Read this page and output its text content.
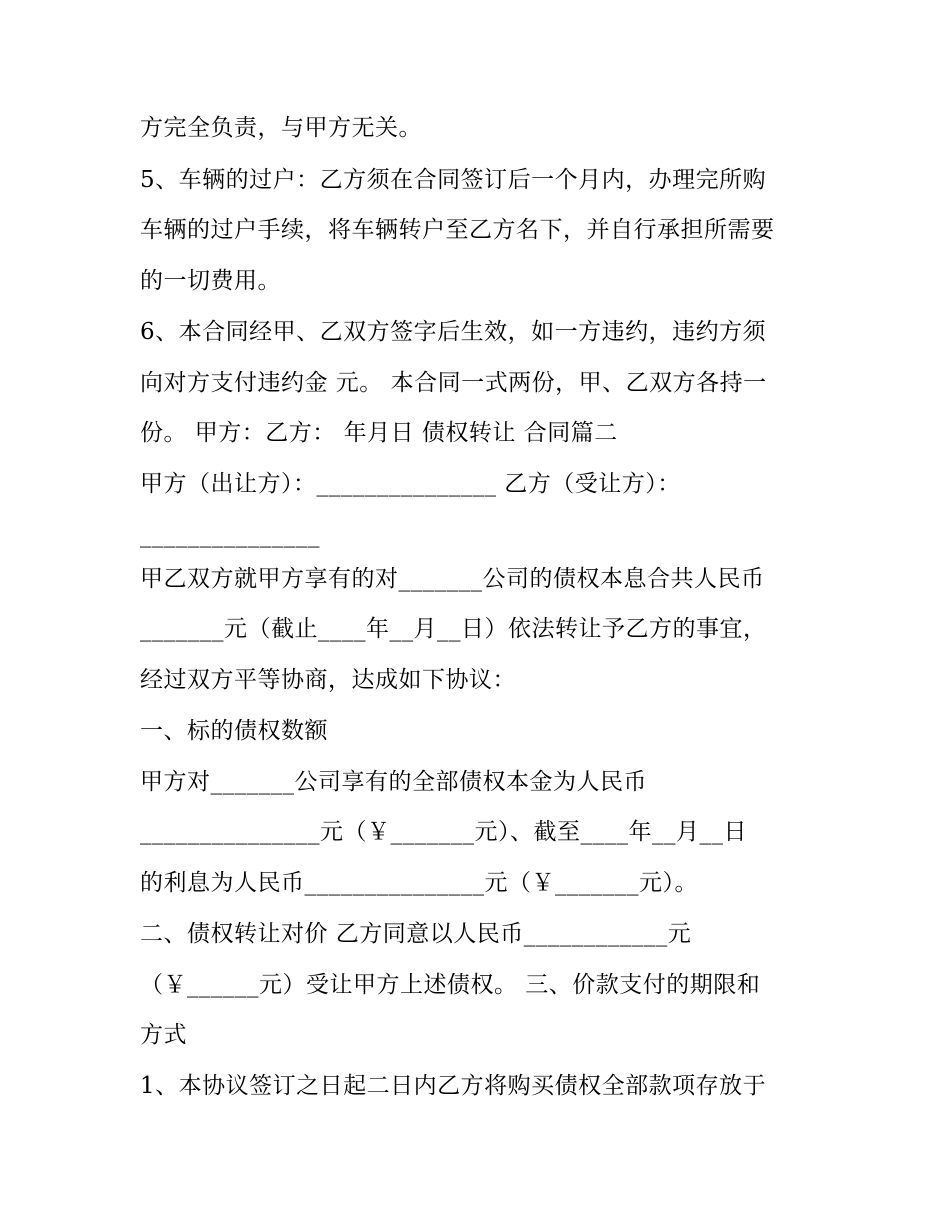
方完全负责，与甲方无关。
5、车辆的过户：乙方须在合同签订后一个月内，办理完所购
车辆的过户手续，将车辆转户至乙方名下，并自行承担所需要
的一切费用。
6、本合同经甲、乙双方签字后生效，如一方违约，违约方须
向对方支付违约金 元。 本合同一式两份，甲、乙双方各持一
份。 甲方：乙方： 年月日 债权转让 合同篇二
甲方（出让方）：_______________ 乙方（受让方）：
_______________
甲乙双方就甲方享有的对_______公司的债权本息合共人民币
_______元（截止____年__月__日）依法转让予乙方的事宜，
经过双方平等协商，达成如下协议：
一、标的债权数额
甲方对_______公司享有的全部债权本金为人民币
_______________元（￥_______元）、截至____年__月__日
的利息为人民币_______________元（￥_______元）。
二、债权转让对价 乙方同意以人民币____________元
（￥______元）受让甲方上述债权。 三、价款支付的期限和
方式
1、本协议签订之日起二日内乙方将购买债权全部款项存放于
